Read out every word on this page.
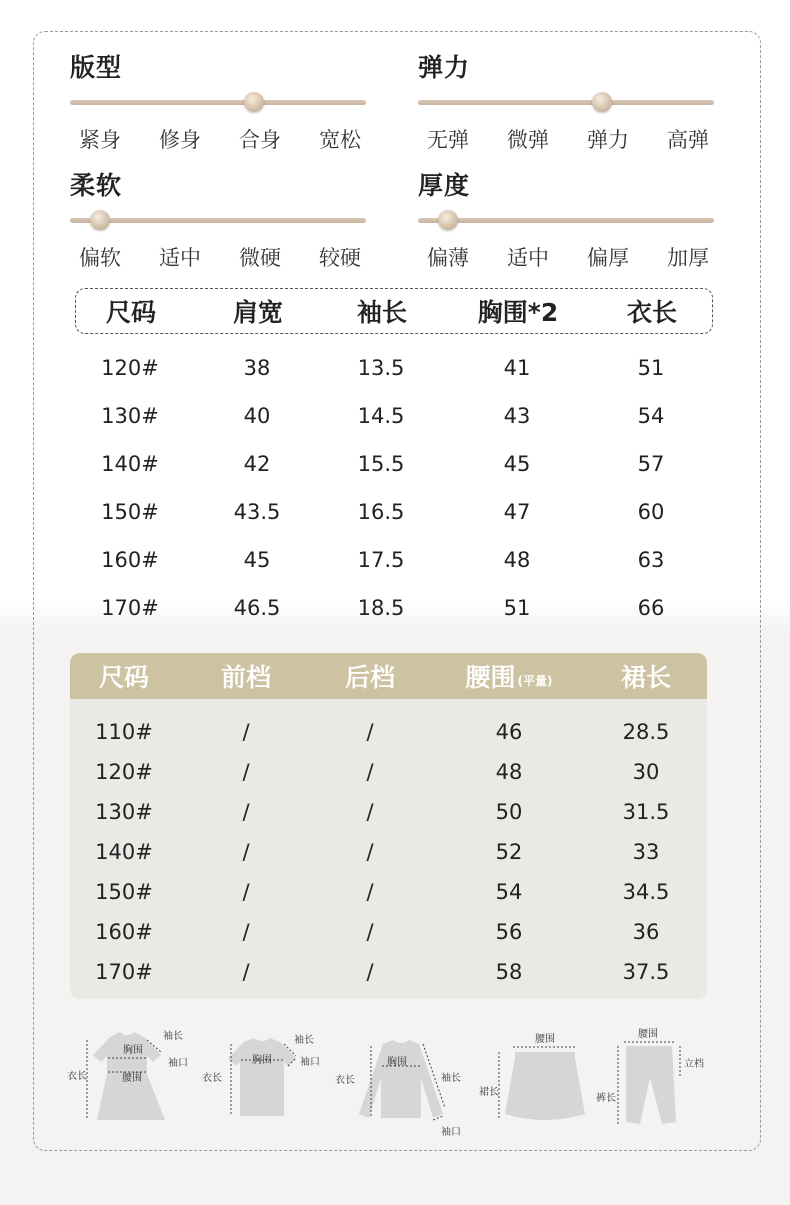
版型
紧身	修身	合身	宽松
弹力
无弹	微弹	弹力	高弹
柔软
偏软	适中	微硬	较硬
厚度
偏薄	适中	偏厚	加厚
尺码	肩宽	袖长	胸围*2	衣长
120#	38	13.5	41	51
130#	40	14.5	43	54
140#	42	15.5	45	57
150#	43.5	16.5	47	60
160#	45	17.5	48	63
170#	46.5	18.5	51	66
尺码	前档	后档	腰围 (平量)	裙长
110#	/	/	46	28.5
120#	/	/	48	30
130#	/	/	50	31.5
140#	/	/	52	33
150#	/	/	54	34.5
160#	/	/	56	36
170#	/	/	58	37.5
胸围
腰围
袖长
袖口
衣长
胸围
袖长
袖口
衣长
胸围
袖长
袖口
衣长
腰围
裙长
腰围
立档
裤长
